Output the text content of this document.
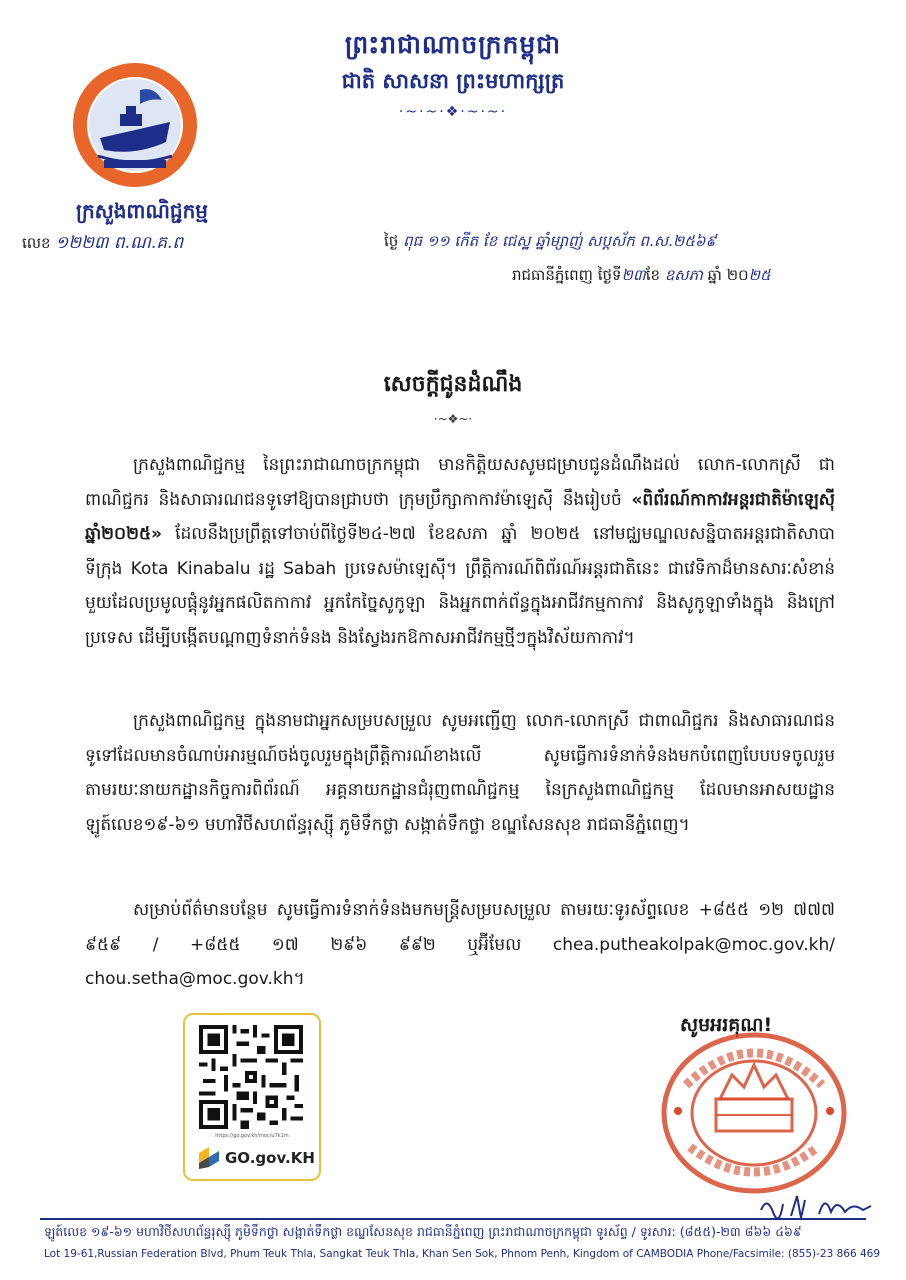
ព្រះរាជាណាចក្រកម្ពុជា
ជាតិ សាសនា ព្រះមហាក្សត្រ
·~·~·❖·~·~·
ក្រសួងពាណិជ្ជកម្ម
លេខ ១២២៣ ព.ណ.គ.ព	ថ្ងៃ ពុធ ១១ កើត ខែ ជេស្ឋ ឆ្នាំម្សាញ់ សប្តស័ក ព.ស.២៥៦៩
រាជធានីភ្នំពេញ ថ្ងៃទី២៣ខែ ឧសភា ឆ្នាំ ២០២៥
សេចក្តីជូនដំណឹង
·~❖~·
ក្រសួងពាណិជ្ជកម្ម នៃព្រះរាជាណាចក្រកម្ពុជា មានកិត្តិយសសូមជម្រាបជូនដំណឹងដល់ លោក-លោកស្រី ជាពាណិជ្ជករ និងសាធារណជនទូទៅឱ្យបានជ្រាបថា ក្រុមប្រឹក្សាកាកាវម៉ាឡេស៊ី នឹងរៀបចំ «ពិព័រណ៍កាកាវអន្តរជាតិម៉ាឡេស៊ី ឆ្នាំ២០២៥» ដែលនឹងប្រព្រឹត្តទៅចាប់ពីថ្ងៃទី២៤-២៧ ខែឧសភា ឆ្នាំ ២០២៥ នៅមជ្ឈមណ្ឌលសន្និបាតអន្តរជាតិសាបា ទីក្រុង Kota Kinabalu រដ្ឋ Sabah ប្រទេសម៉ាឡេស៊ី។ ព្រឹត្តិការណ៍ពិព័រណ៍អន្តរជាតិនេះ ជាវេទិកាដ៏មានសារៈសំខាន់មួយដែលប្រមូលផ្តុំនូវអ្នកផលិតកាកាវ អ្នកកែច្នៃសូកូឡា និងអ្នកពាក់ព័ន្ធក្នុងអាជីវកម្មកាកាវ និងសូកូឡាទាំងក្នុង និងក្រៅប្រទេស ដើម្បីបង្កើតបណ្តាញទំនាក់ទំនង និងស្វែងរកឱកាសអាជីវកម្មថ្មីៗក្នុងវិស័យកាកាវ។
ក្រសួងពាណិជ្ជកម្ម ក្នុងនាមជាអ្នកសម្របសម្រួល សូមអញ្ជើញ លោក-លោកស្រី ជាពាណិជ្ជករ និងសាធារណជនទូទៅដែលមានចំណាប់អារម្មណ៍ចង់ចូលរួមក្នុងព្រឹត្តិការណ៍ខាងលើ សូមធ្វើការទំនាក់ទំនងមកបំពេញបែបបទចូលរួម តាមរយៈនាយកដ្ឋានកិច្ចការពិព័រណ៍ អគ្គនាយកដ្ឋានជំរុញពាណិជ្ជកម្ម នៃក្រសួងពាណិជ្ជកម្ម ដែលមានអាសយដ្ឋានឡូត៍លេខ១៩-៦១ មហាវិថីសហព័ន្ធរុស្ស៊ី ភូមិទឹកថ្លា សង្កាត់ទឹកថ្លា ខណ្ឌសែនសុខ រាជធានីភ្នំពេញ។
សម្រាប់ព័ត៌មានបន្ថែម សូមធ្វើការទំនាក់ទំនងមកមន្ត្រីសម្របសម្រួល តាមរយៈទូរស័ព្ទលេខ +៨៥៥ ១២ ៧៧៧ ៩៥៩ / +៨៥៥ ១៧ ២៩៦ ៩៩២ ឬអ៊ីមែល chea.putheakolpak@moc.gov.kh/ chou.setha@moc.gov.kh។
https://go.gov.kh/moc/u7k1m
GO.gov.KH
សូមអរគុណ!
ឡូត៍លេខ ១៩-៦១ មហាវិថីសហព័ន្ធរុស្ស៊ី ភូមិទឹកថ្លា សង្កាត់ទឹកថ្លា ខណ្ឌសែនសុខ រាជធានីភ្នំពេញ ព្រះរាជាណាចក្រកម្ពុជា ទូរស័ព្ទ / ទូរសារ: (៨៥៥)-២៣ ៨៦៦ ៤៦៩
Lot 19-61,Russian Federation Blvd, Phum Teuk Thla, Sangkat Teuk Thla, Khan Sen Sok, Phnom Penh, Kingdom of CAMBODIA Phone/Facsimile: (855)-23 866 469
